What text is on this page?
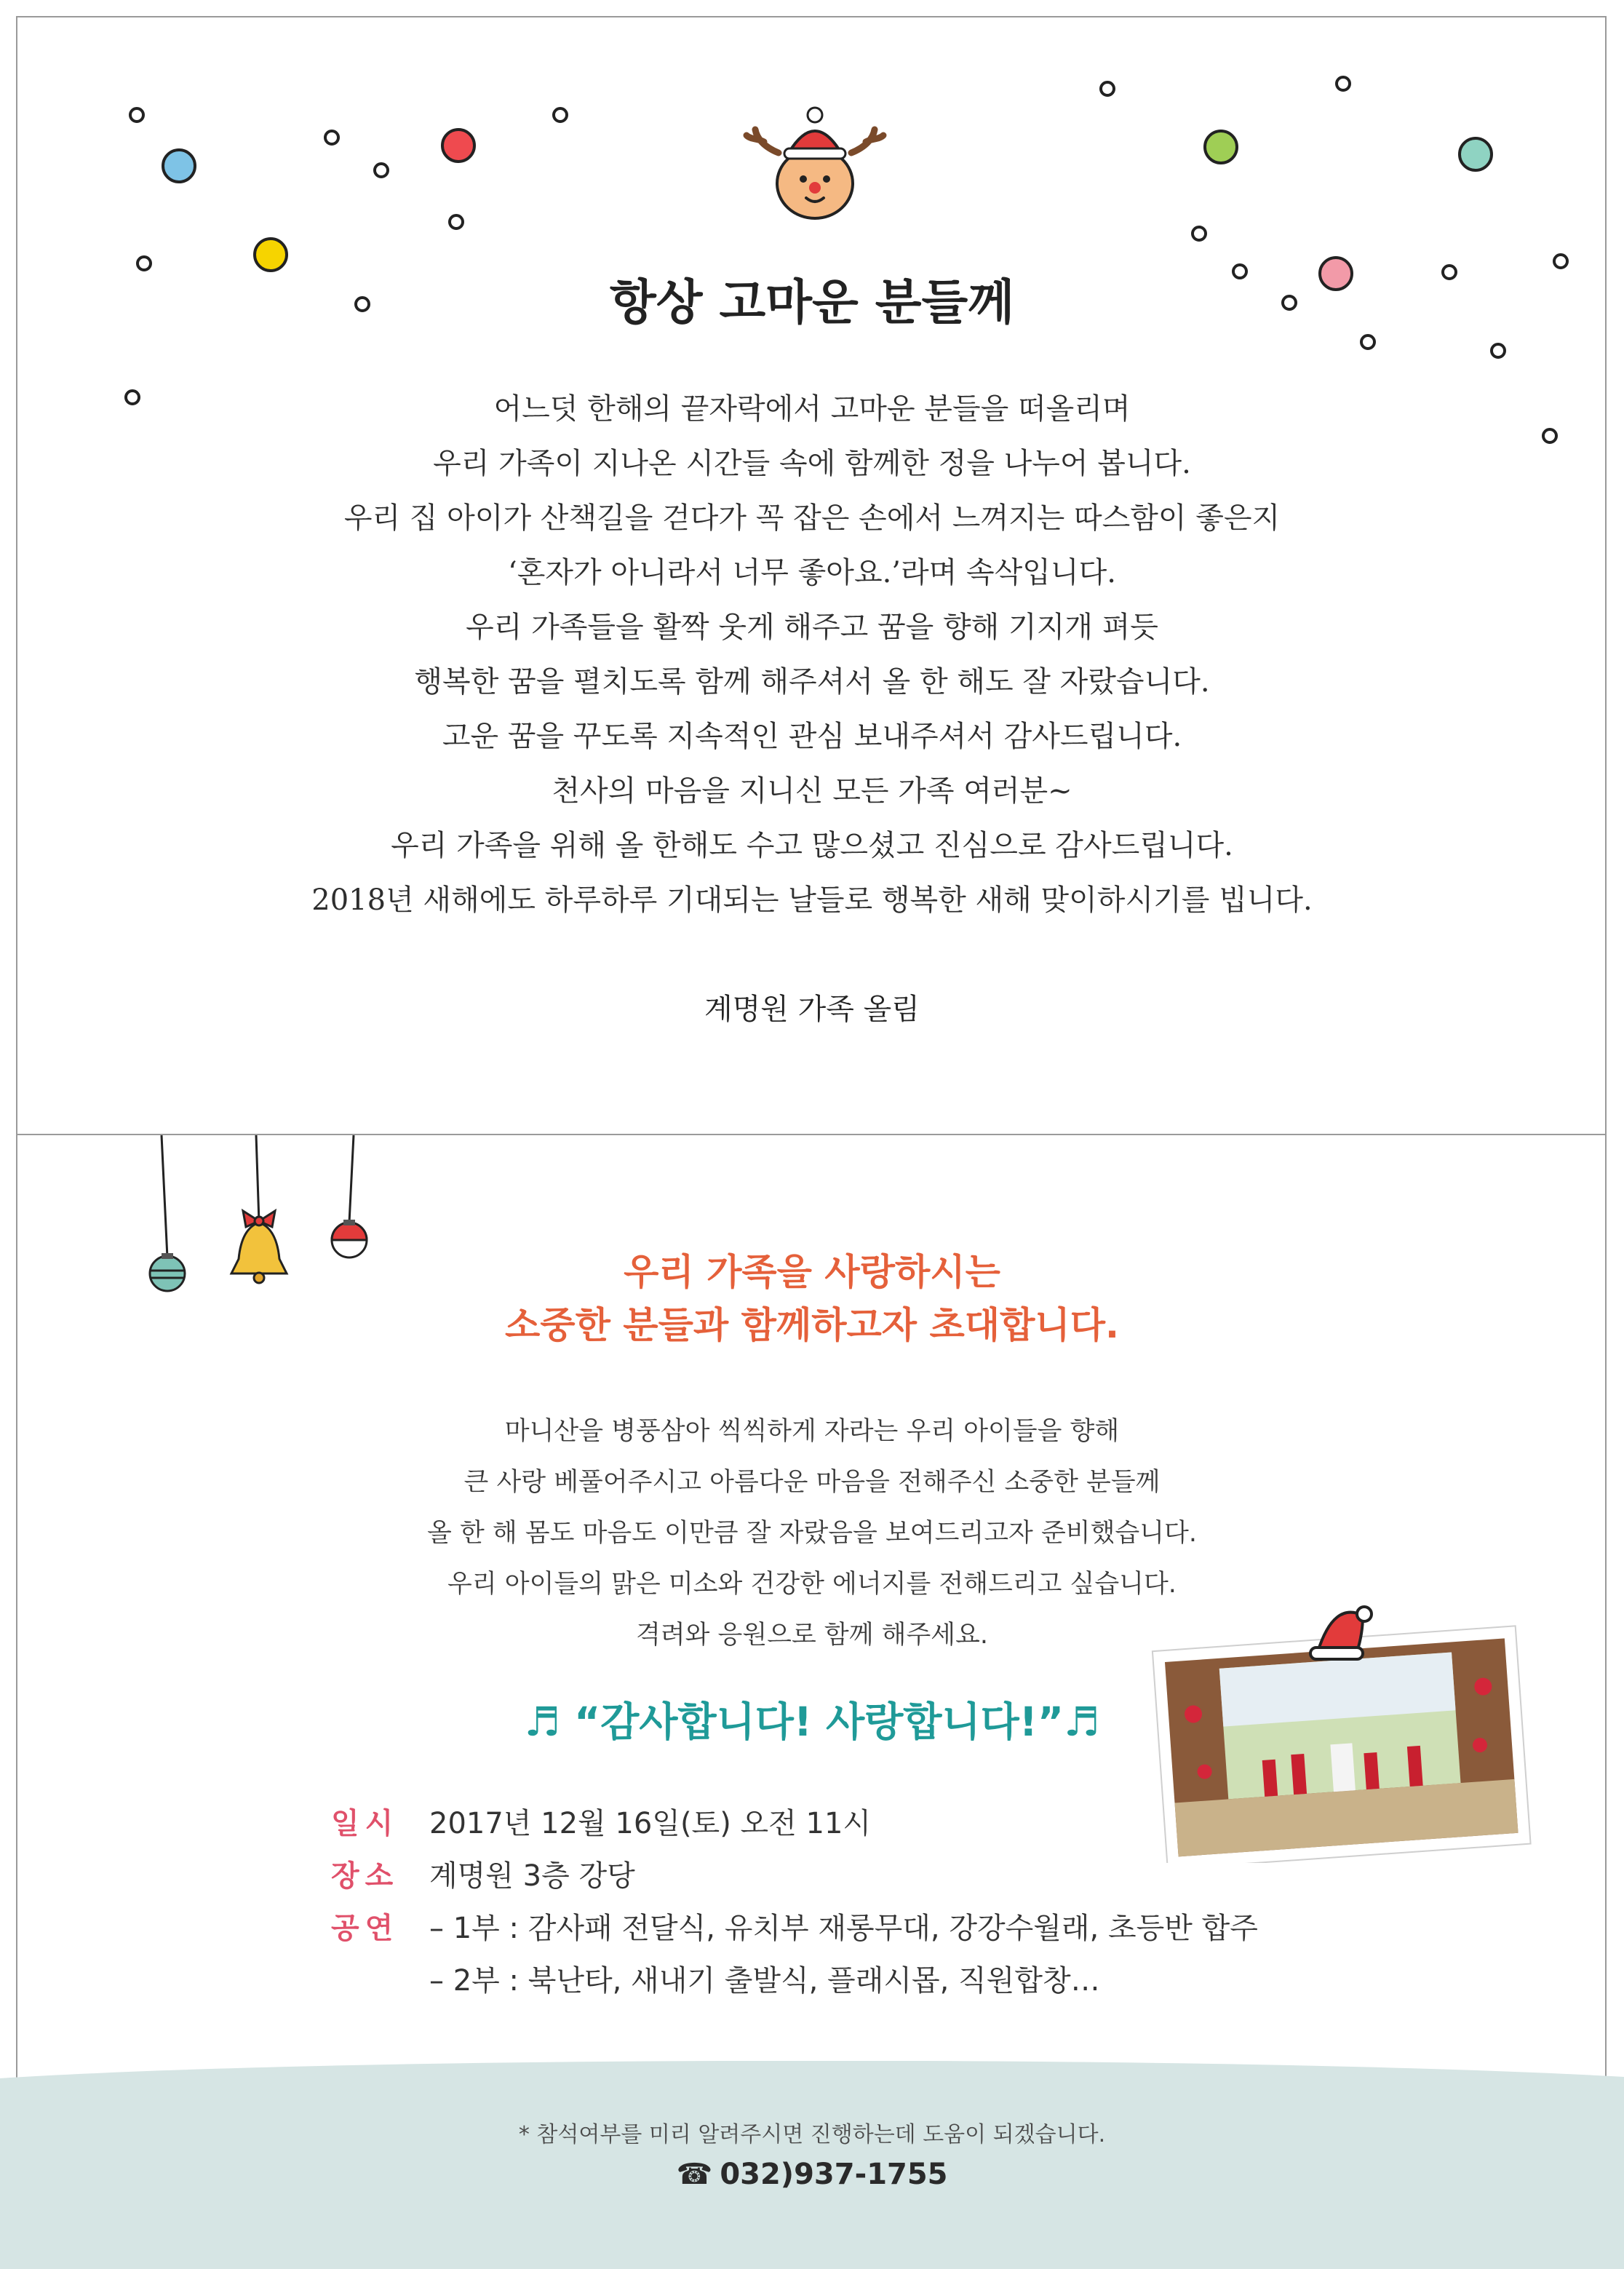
항상 고마운 분들께
어느덧 한해의 끝자락에서 고마운 분들을 떠올리며
우리 가족이 지나온 시간들 속에 함께한 정을 나누어 봅니다.
우리 집 아이가 산책길을 걷다가 꼭 잡은 손에서 느껴지는 따스함이 좋은지
‘혼자가 아니라서 너무 좋아요.’라며 속삭입니다.
우리 가족들을 활짝 웃게 해주고 꿈을 향해 기지개 펴듯
행복한 꿈을 펼치도록 함께 해주셔서 올 한 해도 잘 자랐습니다.
고운 꿈을 꾸도록 지속적인 관심 보내주셔서 감사드립니다.
천사의 마음을 지니신 모든 가족 여러분~
우리 가족을 위해 올 한해도 수고 많으셨고 진심으로 감사드립니다.
2018년 새해에도 하루하루 기대되는 날들로 행복한 새해 맞이하시기를 빕니다.
계명원 가족 올림
우리 가족을 사랑하시는
소중한 분들과 함께하고자 초대합니다.
마니산을 병풍삼아 씩씩하게 자라는 우리 아이들을 향해
큰 사랑 베풀어주시고 아름다운 마음을 전해주신 소중한 분들께
올 한 해 몸도 마음도 이만큼 잘 자랐음을 보여드리고자 준비했습니다.
우리 아이들의 맑은 미소와 건강한 에너지를 전해드리고 싶습니다.
격려와 응원으로 함께 해주세요.
♬ “감사합니다! 사랑합니다!”♬
일시	2017년 12월 16일(토) 오전 11시
장소	계명원 3층 강당
공연	– 1부 : 감사패 전달식, 유치부 재롱무대, 강강수월래, 초등반 합주
– 2부 : 북난타, 새내기 출발식, 플래시몹, 직원합창…
* 참석여부를 미리 알려주시면 진행하는데 도움이 되겠습니다.
☎ 032)937-1755
